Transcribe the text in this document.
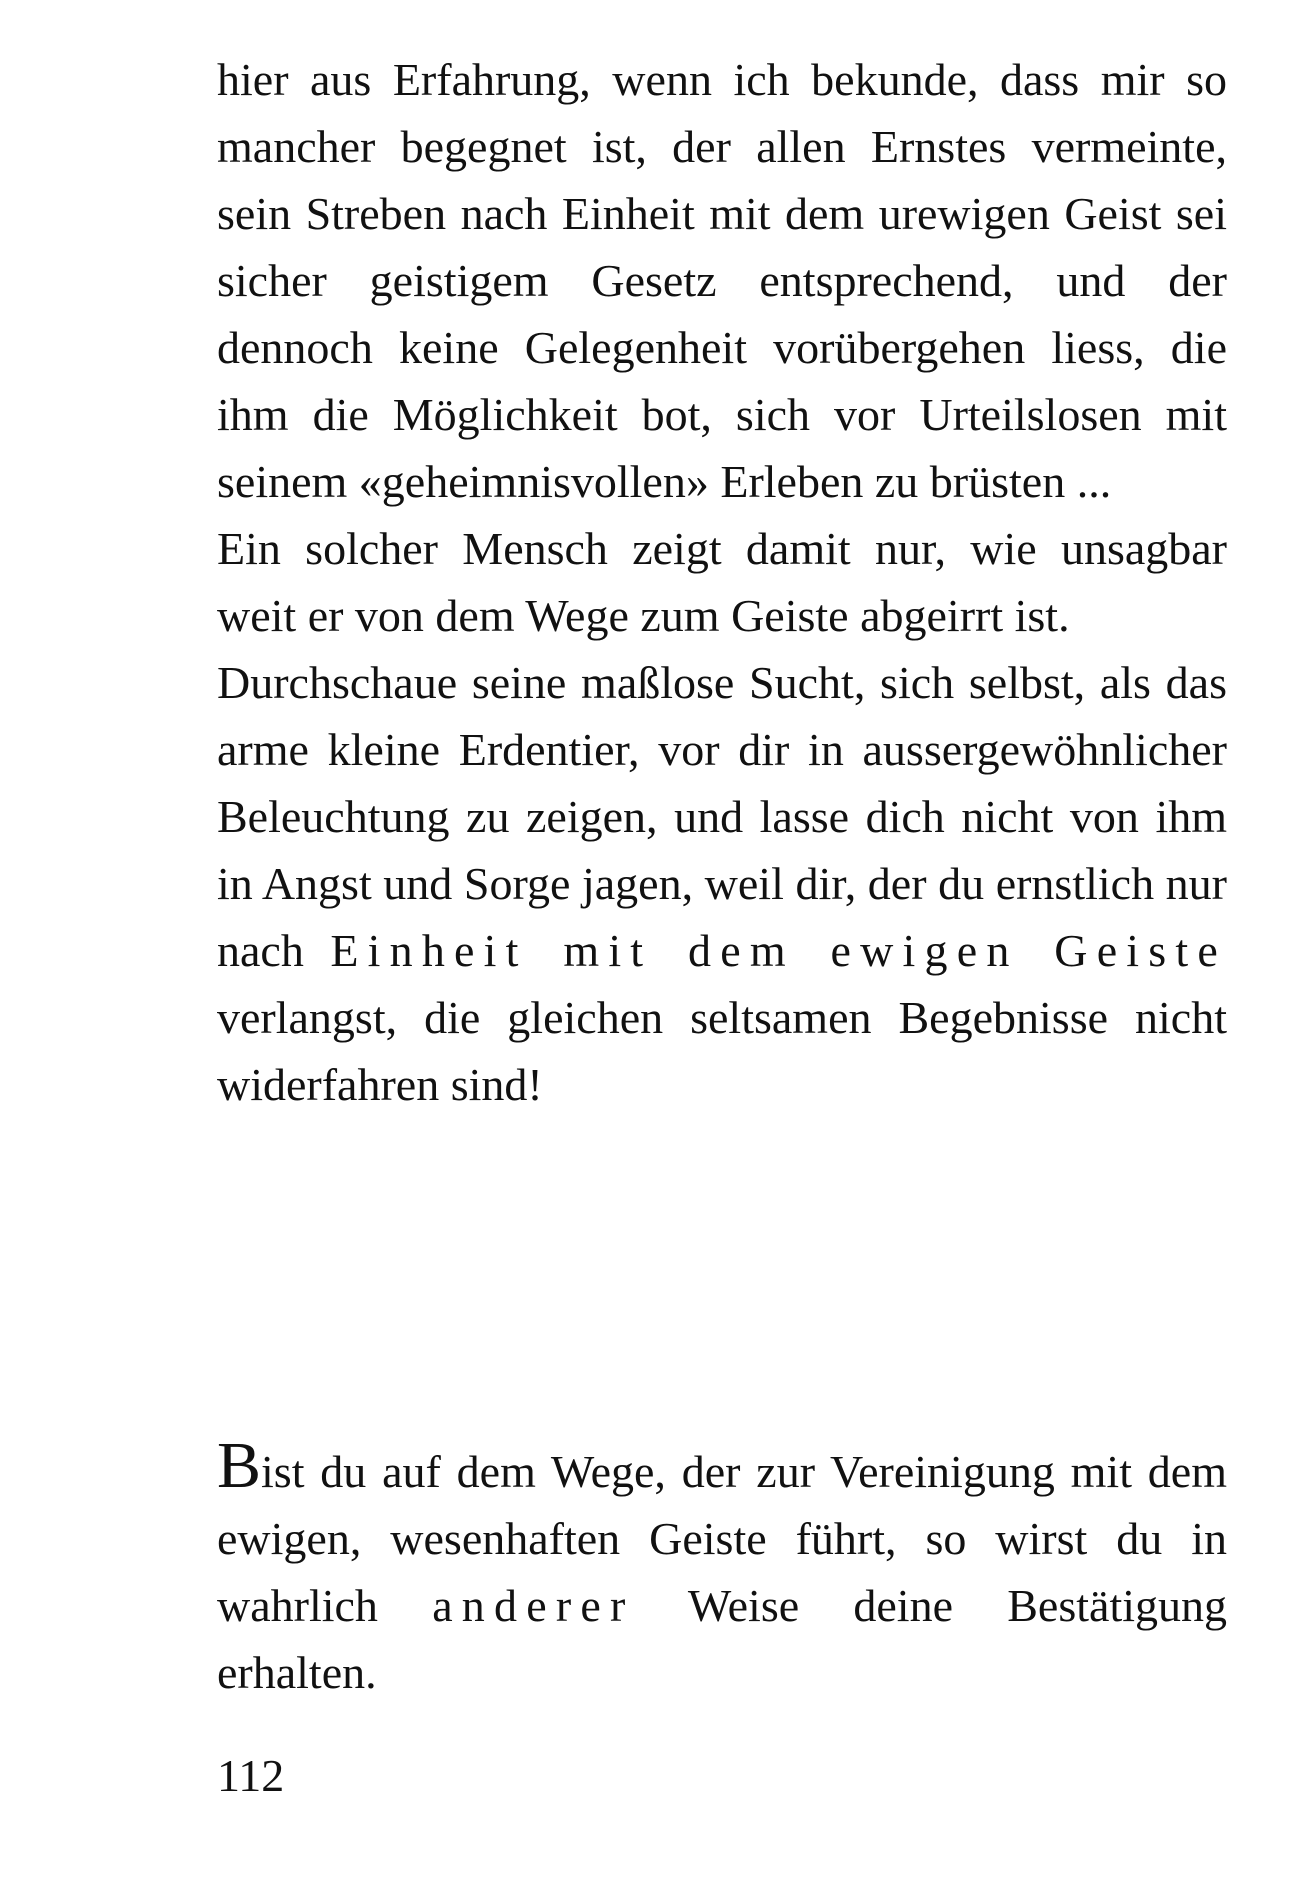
hier aus Erfahrung, wenn ich bekunde, dass mir so mancher begegnet ist, der allen Ernstes vermeinte, sein Streben nach Einheit mit dem urewigen Geist sei sicher geistigem Gesetz entsprechend, und der dennoch keine Gelegenheit vorübergehen liess, die ihm die Möglichkeit bot, sich vor Urteilslosen mit seinem «geheimnisvollen» Erleben zu brüsten ...

Ein solcher Mensch zeigt damit nur, wie unsagbar weit er von dem Wege zum Geiste abgeirrt ist.

Durchschaue seine maßlose Sucht, sich selbst, als das arme kleine Erdentier, vor dir in aussergewöhnlicher Beleuchtung zu zeigen, und lasse dich nicht von ihm in Angst und Sorge jagen, weil dir, der du ernstlich nur nach Einheit mit dem ewigen Geiste verlangst, die gleichen seltsamen Begebnisse nicht widerfahren sind!

Bist du auf dem Wege, der zur Vereinigung mit dem ewigen, wesenhaften Geiste führt, so wirst du in wahrlich anderer Weise deine Bestätigung erhalten.

112
